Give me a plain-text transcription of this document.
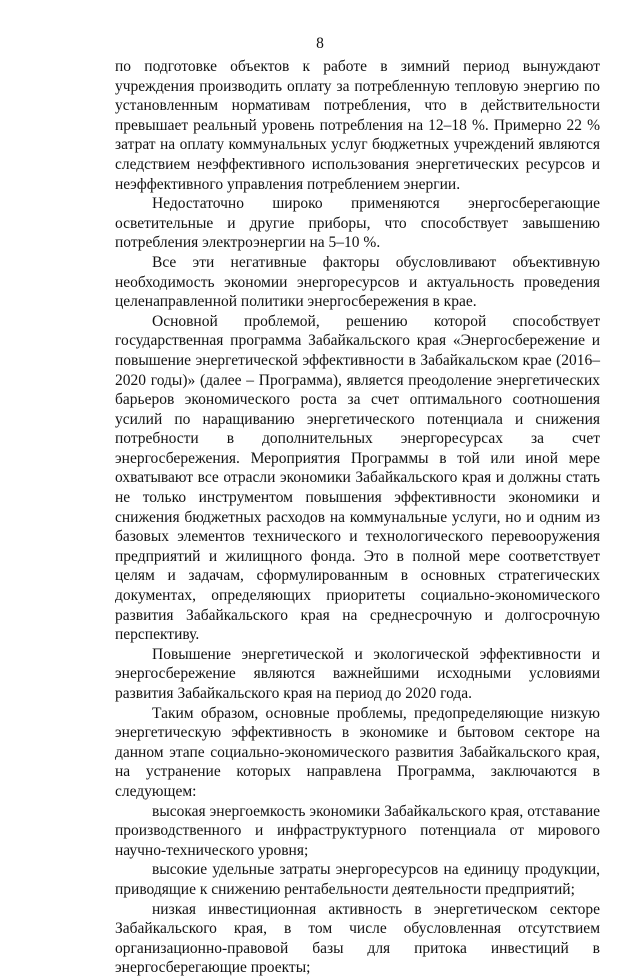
8

по подготовке объектов к работе в зимний период вынуждают учреждения производить оплату за потребленную тепловую энергию по установленным нормативам потребления, что в действительности превышает реальный уровень потребления на 12–18 %. Примерно 22 % затрат на оплату коммунальных услуг бюджетных учреждений являются следствием неэффективного использования энергетических ресурсов и неэффективного управления потреблением энергии.

Недостаточно широко применяются энергосберегающие осветительные и другие приборы, что способствует завышению потребления электроэнергии на 5–10 %.

Все эти негативные факторы обусловливают объективную необходимость экономии энергоресурсов и актуальность проведения целенаправленной политики энергосбережения в крае.

Основной проблемой, решению которой способствует государственная программа Забайкальского края «Энергосбережение и повышение энергетической эффективности в Забайкальском крае (2016–2020 годы)» (далее – Программа), является преодоление энергетических барьеров экономического роста за счет оптимального соотношения усилий по наращиванию энергетического потенциала и снижения потребности в дополнительных энергоресурсах за счет энергосбережения. Мероприятия Программы в той или иной мере охватывают все отрасли экономики Забайкальского края и должны стать не только инструментом повышения эффективности экономики и снижения бюджетных расходов на коммунальные услуги, но и одним из базовых элементов технического и технологического перевооружения предприятий и жилищного фонда. Это в полной мере соответствует целям и задачам, сформулированным в основных стратегических документах, определяющих приоритеты социально-экономического развития Забайкальского края на среднесрочную и долгосрочную перспективу.

Повышение энергетической и экологической эффективности и энергосбережение являются важнейшими исходными условиями развития Забайкальского края на период до 2020 года.

Таким образом, основные проблемы, предопределяющие низкую энергетическую эффективность в экономике и бытовом секторе на данном этапе социально-экономического развития Забайкальского края, на устранение которых направлена Программа, заключаются в следующем:

высокая энергоемкость экономики Забайкальского края, отставание производственного и инфраструктурного потенциала от мирового научно-технического уровня;

высокие удельные затраты энергоресурсов на единицу продукции, приводящие к снижению рентабельности деятельности предприятий;

низкая инвестиционная активность в энергетическом секторе Забайкальского края, в том числе обусловленная отсутствием организационно-правовой базы для притока инвестиций в энергосберегающие проекты;
